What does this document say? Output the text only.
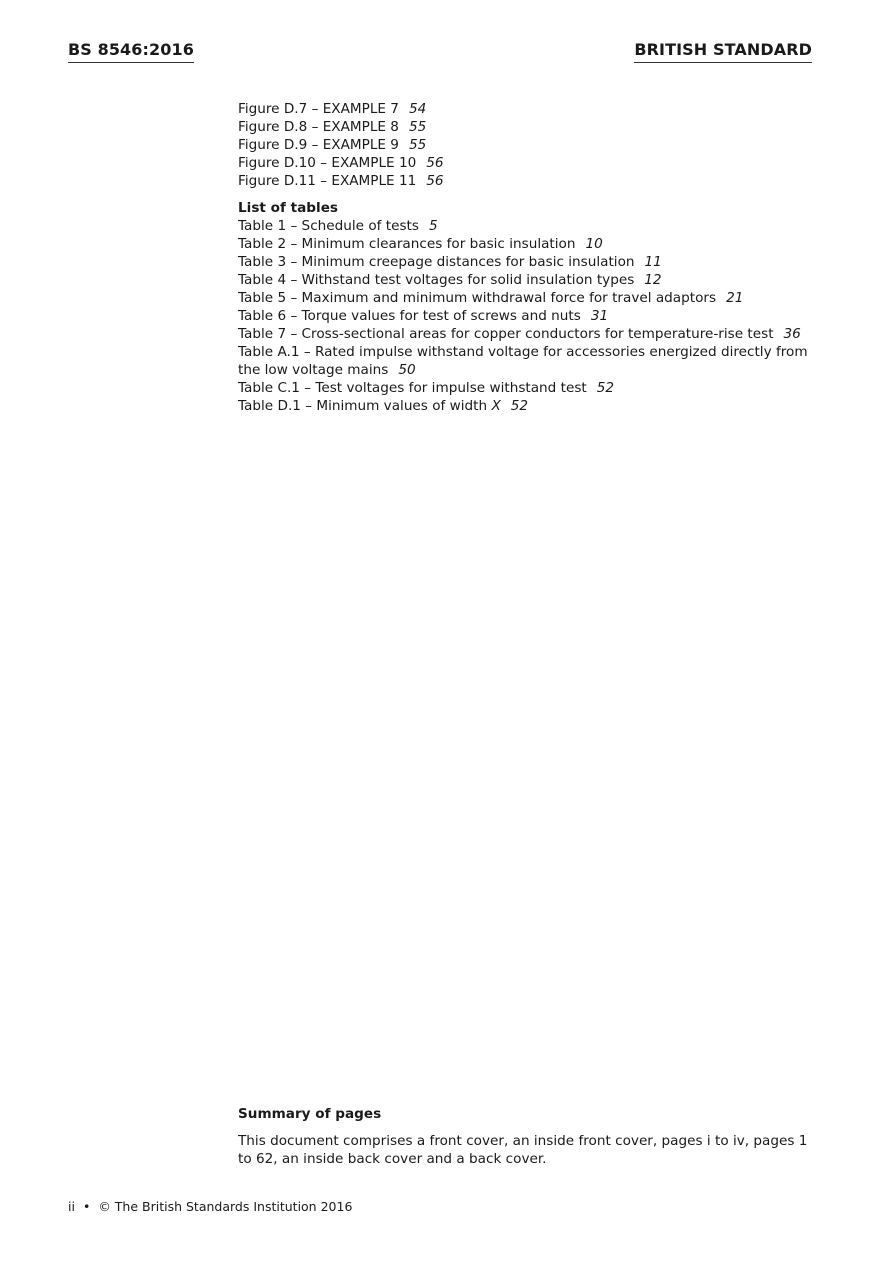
BS 8546:2016	BRITISH STANDARD
Figure D.7 – EXAMPLE 7 54
Figure D.8 – EXAMPLE 8 55
Figure D.9 – EXAMPLE 9 55
Figure D.10 – EXAMPLE 10 56
Figure D.11 – EXAMPLE 11 56
List of tables
Table 1 – Schedule of tests 5
Table 2 – Minimum clearances for basic insulation 10
Table 3 – Minimum creepage distances for basic insulation 11
Table 4 – Withstand test voltages for solid insulation types 12
Table 5 – Maximum and minimum withdrawal force for travel adaptors 21
Table 6 – Torque values for test of screws and nuts 31
Table 7 – Cross-sectional areas for copper conductors for temperature-rise test 36
Table A.1 – Rated impulse withstand voltage for accessories energized directly from the low voltage mains 50
Table C.1 – Test voltages for impulse withstand test 52
Table D.1 – Minimum values of width X 52
Summary of pages
This document comprises a front cover, an inside front cover, pages i to iv, pages 1 to 62, an inside back cover and a back cover.
ii • © The British Standards Institution 2016
